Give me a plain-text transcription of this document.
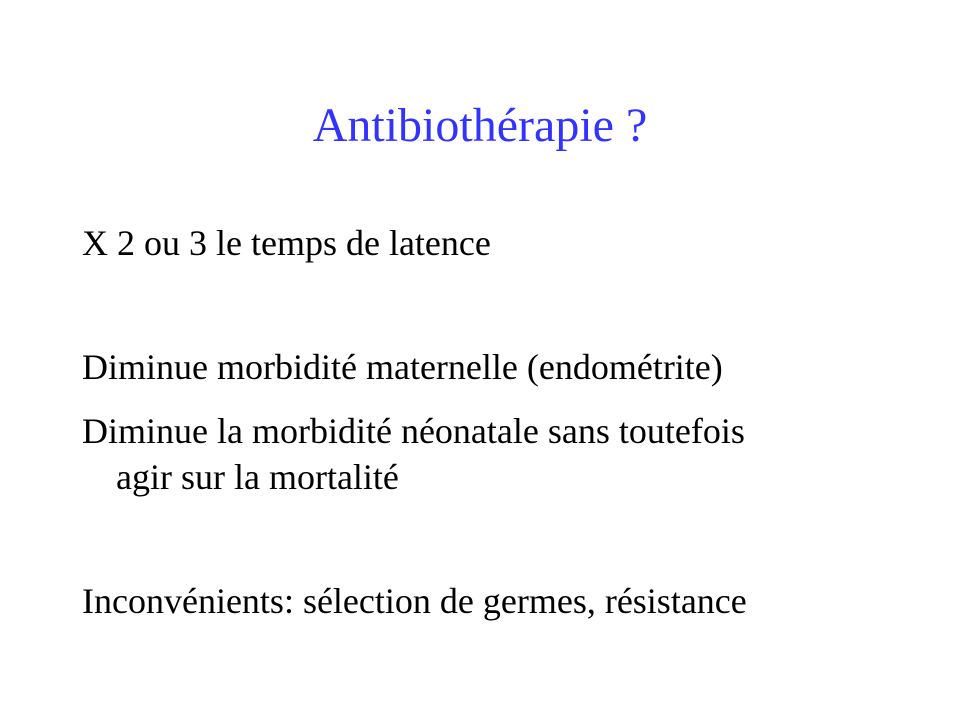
Antibiothérapie ?

X 2 ou 3 le temps de latence

Diminue morbidité maternelle (endométrite)

Diminue la morbidité néonatale sans toutefois

agir sur la mortalité

Inconvénients: sélection de germes, résistance
